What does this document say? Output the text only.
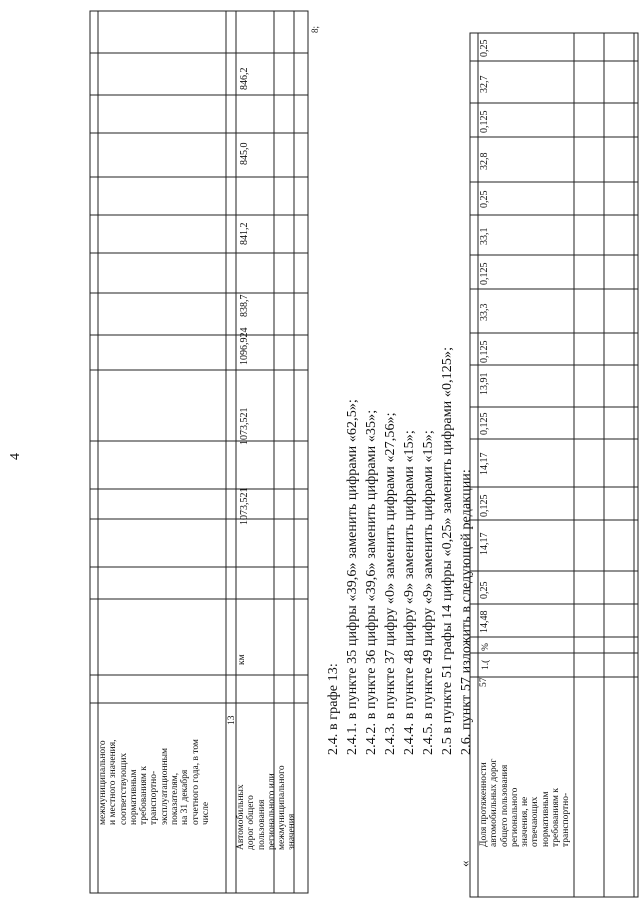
4
8;
межмуниципального
и местного значения,
соответствующих
нормативным
требованиям к
транспортно-
эксплуатационным
показателям,
на 31 декабря
отчетного года, в том
числе	Автомобильных
дорог общего
пользования
регионального или
межмуниципального
значения
13
км
1073,521
1073,521
1096,924
838,7
841,2
845,0
846,2
2.4. в графе 13: 2.4.1. в пункте 35 цифры «39,6» заменить цифрами «62,5»; 2.4.2. в пункте 36 цифры «39,6» заменить цифрами «35»; 2.4.3. в пункте 37 цифру «0» заменить цифрами «27,56»; 2.4.4. в пункте 48 цифру «9» заменить цифрами «15»; 2.4.5. в пункте 49 цифру «9» заменить цифрами «15»; 2.5 в пункте 51 графы 14 цифры «0,25» заменить цифрами «0,125»; 2.6. пункт 57 изложить в следующей редакции:
«
57
Доля протяженности
автомобильных дорог
общего пользования
регионального
значения, не
отвечающих
нормативным
требованиям к
транспортно-
1.(
%
14,48
0,25
14,17
0,125
14,17
0,125
13,91
0,125
33,3
0,125
33,1
0,25
32,8
0,125
32,7
0,25
